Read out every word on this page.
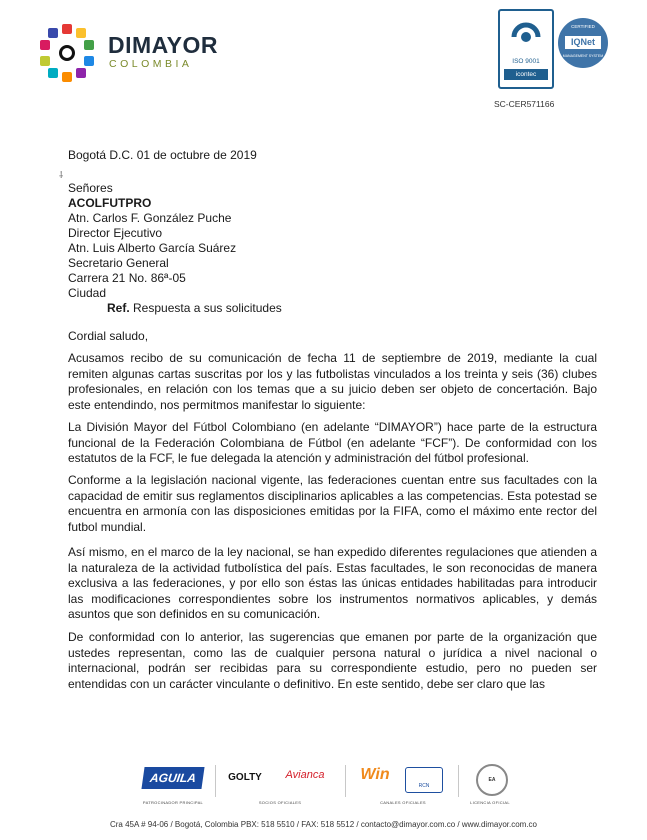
DIMAYOR
COLOMBIA	ISO 9001
icontec
CERTIFIED
IQNet
MANAGEMENT SYSTEM
SC-CER571166
Bogotá D.C. 01 de octubre de 2019
⸸
Señores
ACOLFUTPRO
Atn. Carlos F. González Puche
Director Ejecutivo
Atn. Luis Alberto García Suárez
Secretario General
Carrera 21 No. 86ª-05
Ciudad
Ref. Respuesta a sus solicitudes
Cordial saludo,

Acusamos recibo de su comunicación de fecha 11 de septiembre de 2019, mediante la cual remiten algunas cartas suscritas por los y las futbolistas vinculados a los treinta y seis (36) clubes profesionales, en relación con los temas que a su juicio deben ser objeto de concertación. Bajo este entendindo, nos permitmos manifestar lo siguiente:

La División Mayor del Fútbol Colombiano (en adelante “DIMAYOR”) hace parte de la estructura funcional de la Federación Colombiana de Fútbol (en adelante “FCF”). De conformidad con los estatutos de la FCF, le fue delegada la atención y administración del fútbol profesional.

Conforme a la legislación nacional vigente, las federaciones cuentan entre sus facultades con la capacidad de emitir sus reglamentos disciplinarios aplicables a las competencias. Esta potestad se encuentra en armonía con las disposiciones emitidas por la FIFA, como el máximo ente rector del futbol mundial.

Así mismo, en el marco de la ley nacional, se han expedido diferentes regulaciones que atienden a la naturaleza de la actividad futbolística del país. Estas facultades, le son reconocidas de manera exclusiva a las federaciones, y por ello son éstas las únicas entidades habilitadas para introducir las modificaciones correspondientes sobre los instrumentos normativos aplicables, y demás asuntos que son definidos en su comunicación.

De conformidad con lo anterior, las sugerencias que emanen por parte de la organización que ustedes representan, como las de cualquier persona natural o jurídica a nivel nacional o internacional, podrán ser recibidas para su correspondiente estudio, pero no pueden ser entendidas con un carácter vinculante o definitivo. En este sentido, debe ser claro que las

AGUILA
PATROCINADOR PRINCIPAL
GOLTY	Avianca
SOCIOS OFICIALES
Win
RCN
CANALES OFICIALES
EA
LICENCIA OFICIAL
Cra 45A # 94-06 / Bogotá, Colombia PBX: 518 5510 / FAX: 518 5512 / contacto@dimayor.com.co / www.dimayor.com.co
